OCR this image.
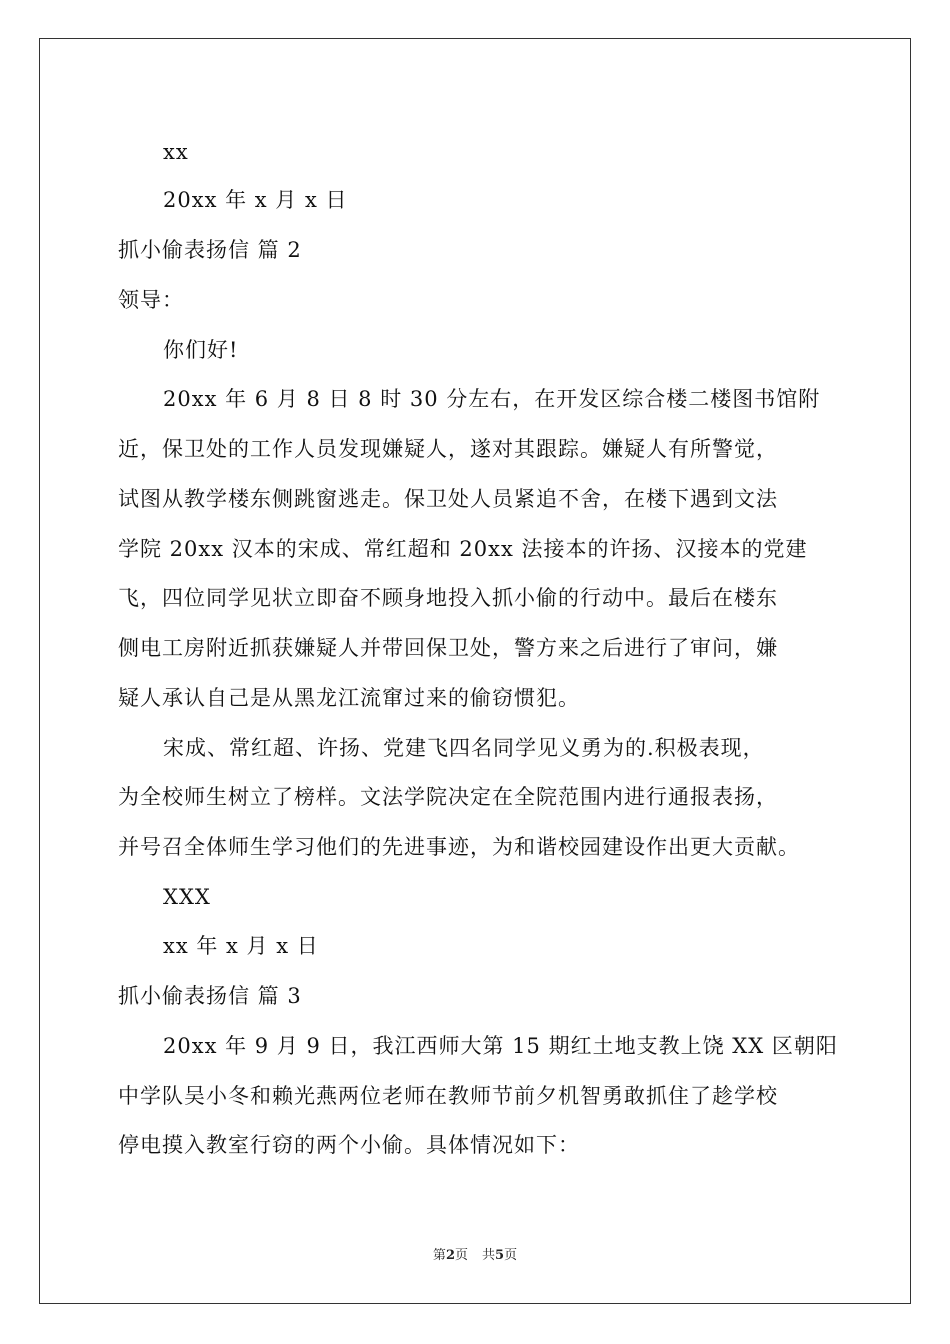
xx
20xx 年 x 月 x 日
抓小偷表扬信 篇 2
领导：
你们好!
20xx 年 6 月 8 日 8 时 30 分左右，在开发区综合楼二楼图书馆附
近，保卫处的工作人员发现嫌疑人，遂对其跟踪。嫌疑人有所警觉，
试图从教学楼东侧跳窗逃走。保卫处人员紧追不舍，在楼下遇到文法
学院 20xx 汉本的宋成、常红超和 20xx 法接本的许扬、汉接本的党建
飞，四位同学见状立即奋不顾身地投入抓小偷的行动中。最后在楼东
侧电工房附近抓获嫌疑人并带回保卫处，警方来之后进行了审问，嫌
疑人承认自己是从黑龙江流窜过来的偷窃惯犯。
宋成、常红超、许扬、党建飞四名同学见义勇为的.积极表现，
为全校师生树立了榜样。文法学院决定在全院范围内进行通报表扬，
并号召全体师生学习他们的先进事迹，为和谐校园建设作出更大贡献。
XXX
xx 年 x 月 x 日
抓小偷表扬信 篇 3
20xx 年 9 月 9 日，我江西师大第 15 期红土地支教上饶 XX 区朝阳
中学队吴小冬和赖光燕两位老师在教师节前夕机智勇敢抓住了趁学校
停电摸入教室行窃的两个小偷。具体情况如下：
第2页 共5页
